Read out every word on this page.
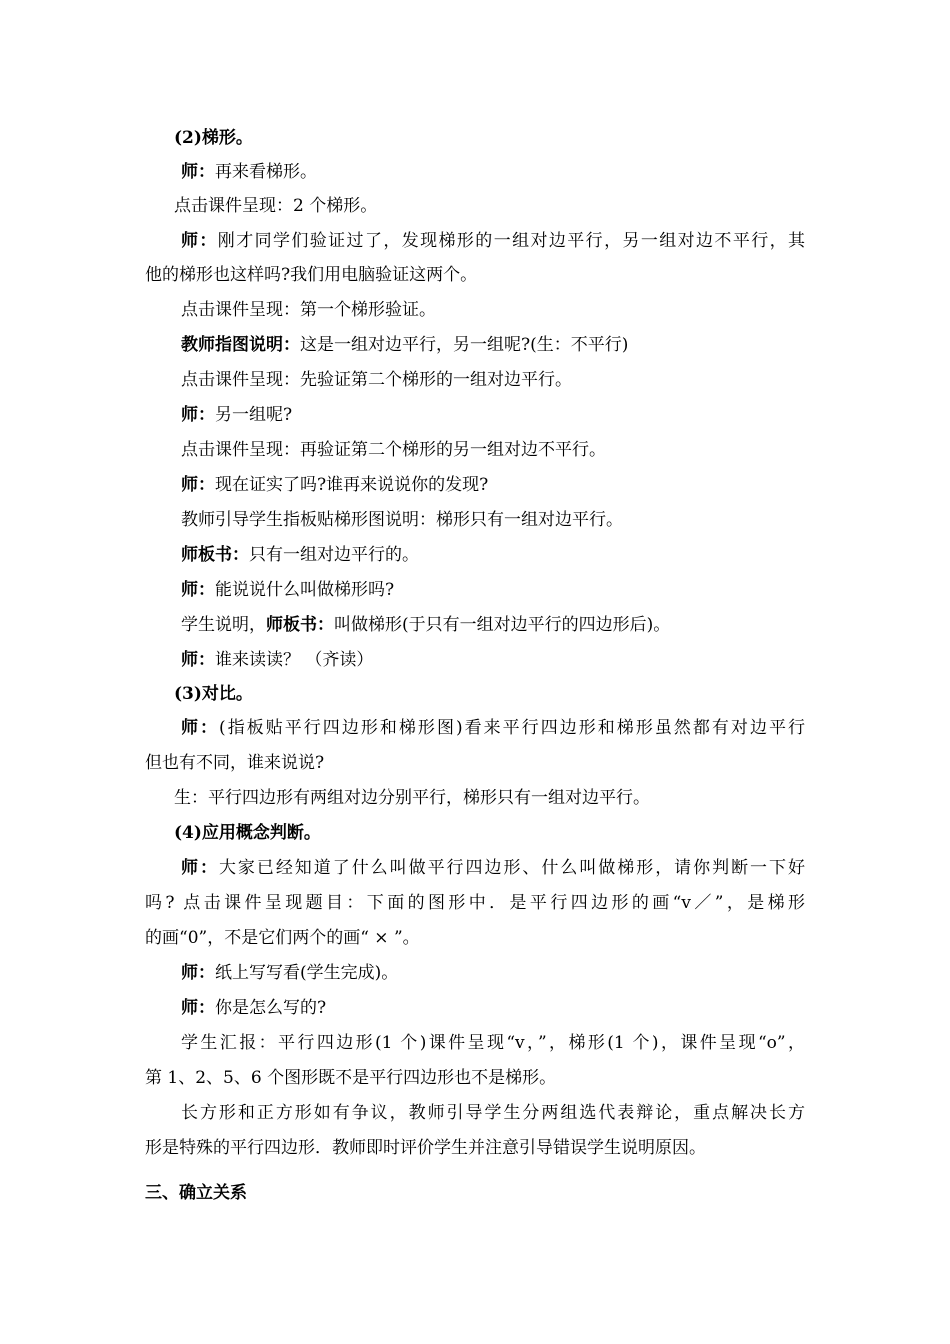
(2)梯形。
师：再来看梯形。
点击课件呈现：2 个梯形。
师：刚才同学们验证过了，发现梯形的一组对边平行，另一组对边不平行，其
他的梯形也这样吗?我们用电脑验证这两个。
点击课件呈现：第一个梯形验证。
教师指图说明：这是一组对边平行，另一组呢?(生：不平行)
点击课件呈现：先验证第二个梯形的一组对边平行。
师：另一组呢?
点击课件呈现：再验证第二个梯形的另一组对边不平行。
师：现在证实了吗?谁再来说说你的发现?
教师引导学生指板贴梯形图说明：梯形只有一组对边平行。
师板书：只有一组对边平行的。
师：能说说什么叫做梯形吗?
学生说明，师板书：叫做梯形(于只有一组对边平行的四边形后)。
师：谁来读读？ （齐读）
(3)对比。
师：(指板贴平行四边形和梯形图)看来平行四边形和梯形虽然都有对边平行
但也有不同，谁来说说?
生：平行四边形有两组对边分别平行，梯形只有一组对边平行。
(4)应用概念判断。
师：大家已经知道了什么叫做平行四边形、什么叫做梯形，请你判断一下好
吗? 点击课件呈现题目：下面的图形中．是平行四边形的画“v／”，是梯形
的画“0”，不是它们两个的画“ × ”。
师：纸上写写看(学生完成)。
师：你是怎么写的?
学生汇报：平行四边形(1 个)课件呈现“v，”，梯形(1 个)，课件呈现“o”，
第 1、2、5、6 个图形既不是平行四边形也不是梯形。
长方形和正方形如有争议，教师引导学生分两组选代表辩论，重点解决长方
形是特殊的平行四边形．教师即时评价学生并注意引导错误学生说明原因。
三、确立关系
